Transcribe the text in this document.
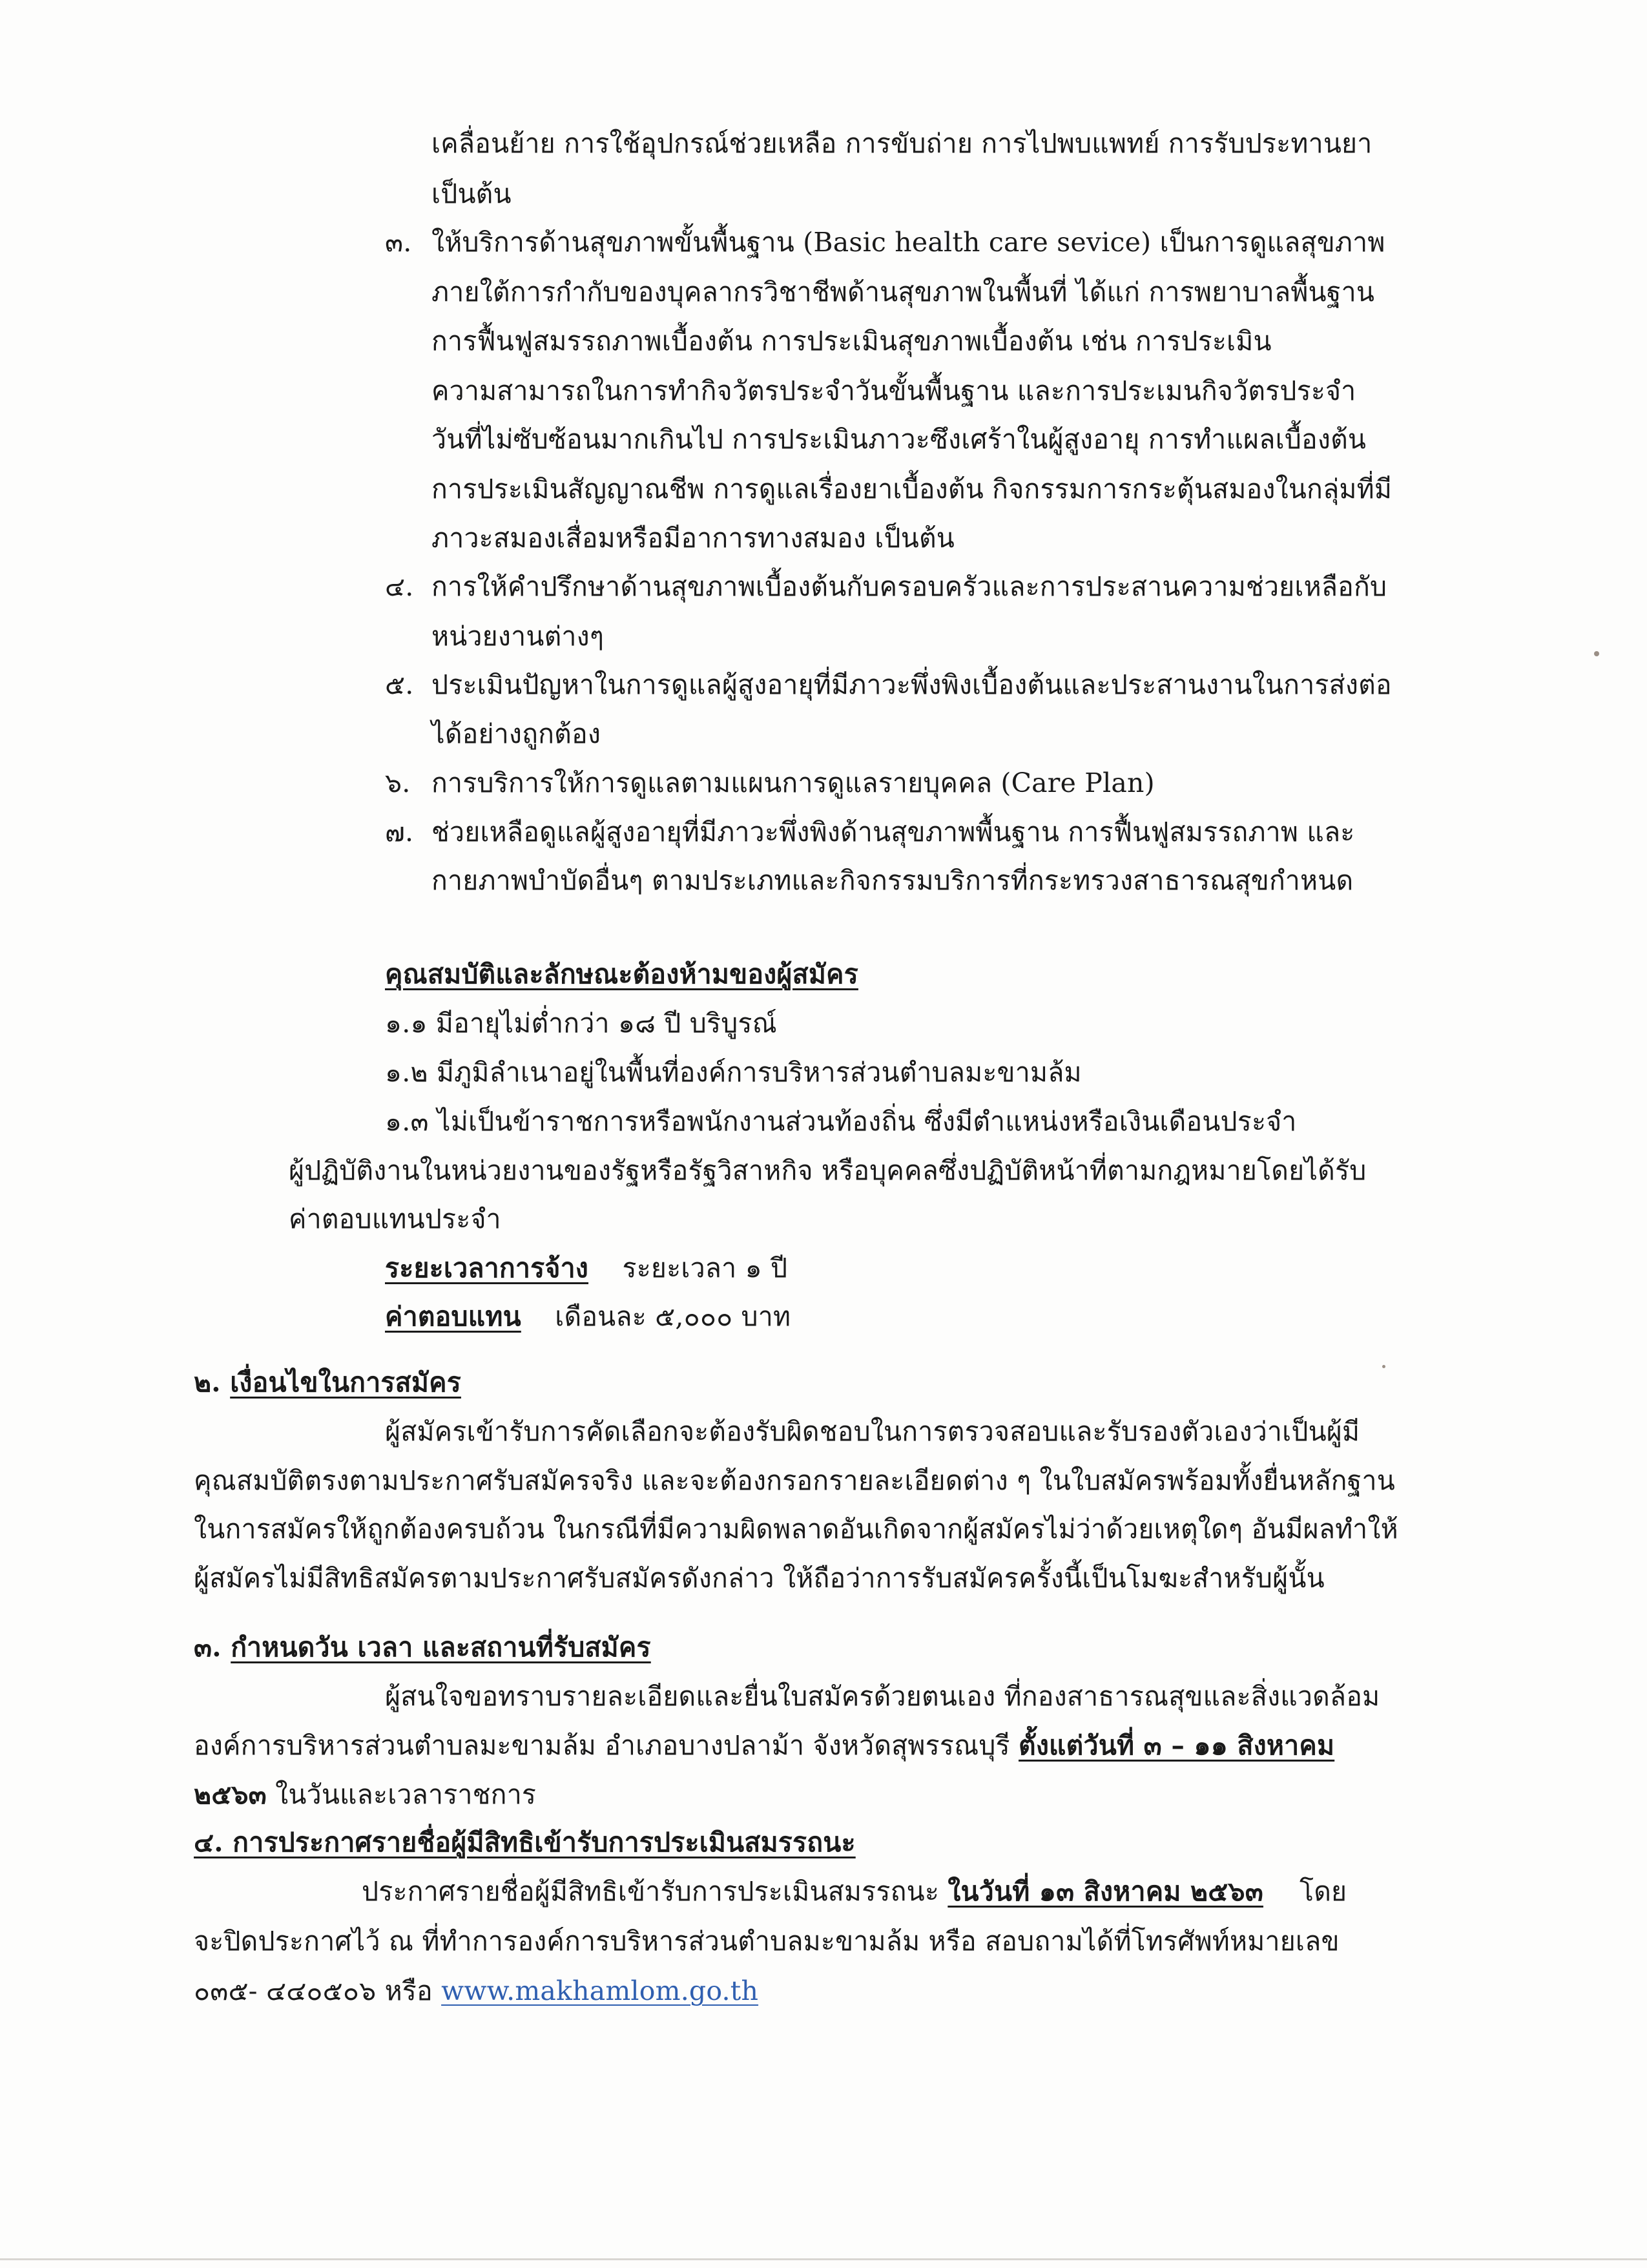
เคลื่อนย้าย การใช้อุปกรณ์ช่วยเหลือ การขับถ่าย การไปพบแพทย์ การรับประทานยา
เป็นต้น
๓. ให้บริการด้านสุขภาพขั้นพื้นฐาน (Basic health care sevice) เป็นการดูแลสุขภาพ
ภายใต้การกำกับของบุคลากรวิชาชีพด้านสุขภาพในพื้นที่ ได้แก่ การพยาบาลพื้นฐาน
การฟื้นฟูสมรรถภาพเบื้องต้น การประเมินสุขภาพเบื้องต้น เช่น การประเมิน
ความสามารถในการทำกิจวัตรประจำวันขั้นพื้นฐาน และการประเมนกิจวัตรประจำ
วันที่ไม่ซับซ้อนมากเกินไป การประเมินภาวะซึงเศร้าในผู้สูงอายุ การทำแผลเบื้องต้น
การประเมินสัญญาณชีพ การดูแลเรื่องยาเบื้องต้น กิจกรรมการกระตุ้นสมองในกลุ่มที่มี
ภาวะสมองเสื่อมหรือมีอาการทางสมอง เป็นต้น
๔. การให้คำปรึกษาด้านสุขภาพเบื้องต้นกับครอบครัวและการประสานความช่วยเหลือกับ
หน่วยงานต่างๆ
๕. ประเมินปัญหาในการดูแลผู้สูงอายุที่มีภาวะพึ่งพิงเบื้องต้นและประสานงานในการส่งต่อ
ได้อย่างถูกต้อง
๖. การบริการให้การดูแลตามแผนการดูแลรายบุคคล (Care Plan)
๗. ช่วยเหลือดูแลผู้สูงอายุที่มีภาวะพึ่งพิงด้านสุขภาพพื้นฐาน การฟื้นฟูสมรรถภาพ และ
กายภาพบำบัดอื่นๆ ตามประเภทและกิจกรรมบริการที่กระทรวงสาธารณสุขกำหนด
คุณสมบัติและลักษณะต้องห้ามของผู้สมัคร
๑.๑ มีอายุไม่ต่ำกว่า ๑๘ ปี บริบูรณ์
๑.๒ มีภูมิลำเนาอยู่ในพื้นที่องค์การบริหารส่วนตำบลมะขามล้ม
๑.๓ ไม่เป็นข้าราชการหรือพนักงานส่วนท้องถิ่น ซึ่งมีตำแหน่งหรือเงินเดือนประจำ
ผู้ปฏิบัติงานในหน่วยงานของรัฐหรือรัฐวิสาหกิจ หรือบุคคลซึ่งปฏิบัติหน้าที่ตามกฎหมายโดยได้รับ
ค่าตอบแทนประจำ
ระยะเวลาการจ้าง ระยะเวลา ๑ ปี
ค่าตอบแทน เดือนละ ๕,๐๐๐ บาท
๒. เงื่อนไขในการสมัคร
ผู้สมัครเข้ารับการคัดเลือกจะต้องรับผิดชอบในการตรวจสอบและรับรองตัวเองว่าเป็นผู้มี
คุณสมบัติตรงตามประกาศรับสมัครจริง และจะต้องกรอกรายละเอียดต่าง ๆ ในใบสมัครพร้อมทั้งยื่นหลักฐาน
ในการสมัครให้ถูกต้องครบถ้วน ในกรณีที่มีความผิดพลาดอันเกิดจากผู้สมัครไม่ว่าด้วยเหตุใดๆ อันมีผลทำให้
ผู้สมัครไม่มีสิทธิสมัครตามประกาศรับสมัครดังกล่าว ให้ถือว่าการรับสมัครครั้งนี้เป็นโมฆะสำหรับผู้นั้น
๓. กำหนดวัน เวลา และสถานที่รับสมัคร
ผู้สนใจขอทราบรายละเอียดและยื่นใบสมัครด้วยตนเอง ที่กองสาธารณสุขและสิ่งแวดล้อม
องค์การบริหารส่วนตำบลมะขามล้ม อำเภอบางปลาม้า จังหวัดสุพรรณบุรี ตั้งแต่วันที่ ๓ – ๑๑ สิงหาคม
๒๕๖๓ ในวันและเวลาราชการ
๔. การประกาศรายชื่อผู้มีสิทธิเข้ารับการประเมินสมรรถนะ
ประกาศรายชื่อผู้มีสิทธิเข้ารับการประเมินสมรรถนะ ในวันที่ ๑๓ สิงหาคม ๒๕๖๓ โดย
จะปิดประกาศไว้ ณ ที่ทำการองค์การบริหารส่วนตำบลมะขามล้ม หรือ สอบถามได้ที่โทรศัพท์หมายเลข
๐๓๕- ๔๔๐๕๐๖ หรือ www.makhamlom.go.th
